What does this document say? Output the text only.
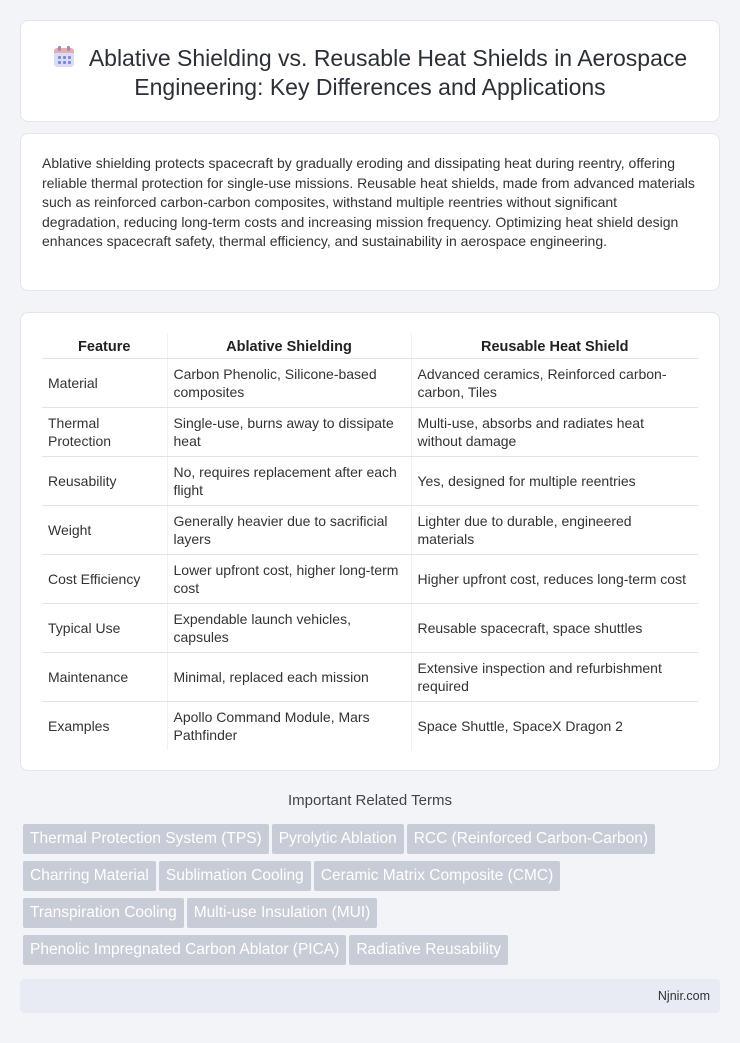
Ablative Shielding vs. Reusable Heat Shields in Aerospace Engineering: Key Differences and Applications

Ablative shielding protects spacecraft by gradually eroding and dissipating heat during reentry, offering reliable thermal protection for single-use missions. Reusable heat shields, made from advanced materials such as reinforced carbon-carbon composites, withstand multiple reentries without significant degradation, reducing long-term costs and increasing mission frequency. Optimizing heat shield design enhances spacecraft safety, thermal efficiency, and sustainability in aerospace engineering.

Feature	Ablative Shielding	Reusable Heat Shield
Material	Carbon Phenolic, Silicone-based composites	Advanced ceramics, Reinforced carbon-carbon, Tiles
Thermal Protection	Single-use, burns away to dissipate heat	Multi-use, absorbs and radiates heat without damage
Reusability	No, requires replacement after each flight	Yes, designed for multiple reentries
Weight	Generally heavier due to sacrificial layers	Lighter due to durable, engineered materials
Cost Efficiency	Lower upfront cost, higher long-term cost	Higher upfront cost, reduces long-term cost
Typical Use	Expendable launch vehicles, capsules	Reusable spacecraft, space shuttles
Maintenance	Minimal, replaced each mission	Extensive inspection and refurbishment required
Examples	Apollo Command Module, Mars Pathfinder	Space Shuttle, SpaceX Dragon 2
Important Related Terms
Thermal Protection System (TPS) Pyrolytic Ablation RCC (Reinforced Carbon-Carbon)
Charring Material Sublimation Cooling Ceramic Matrix Composite (CMC)
Transpiration Cooling Multi-use Insulation (MUI)
Phenolic Impregnated Carbon Ablator (PICA) Radiative Reusability
Njnir.com
